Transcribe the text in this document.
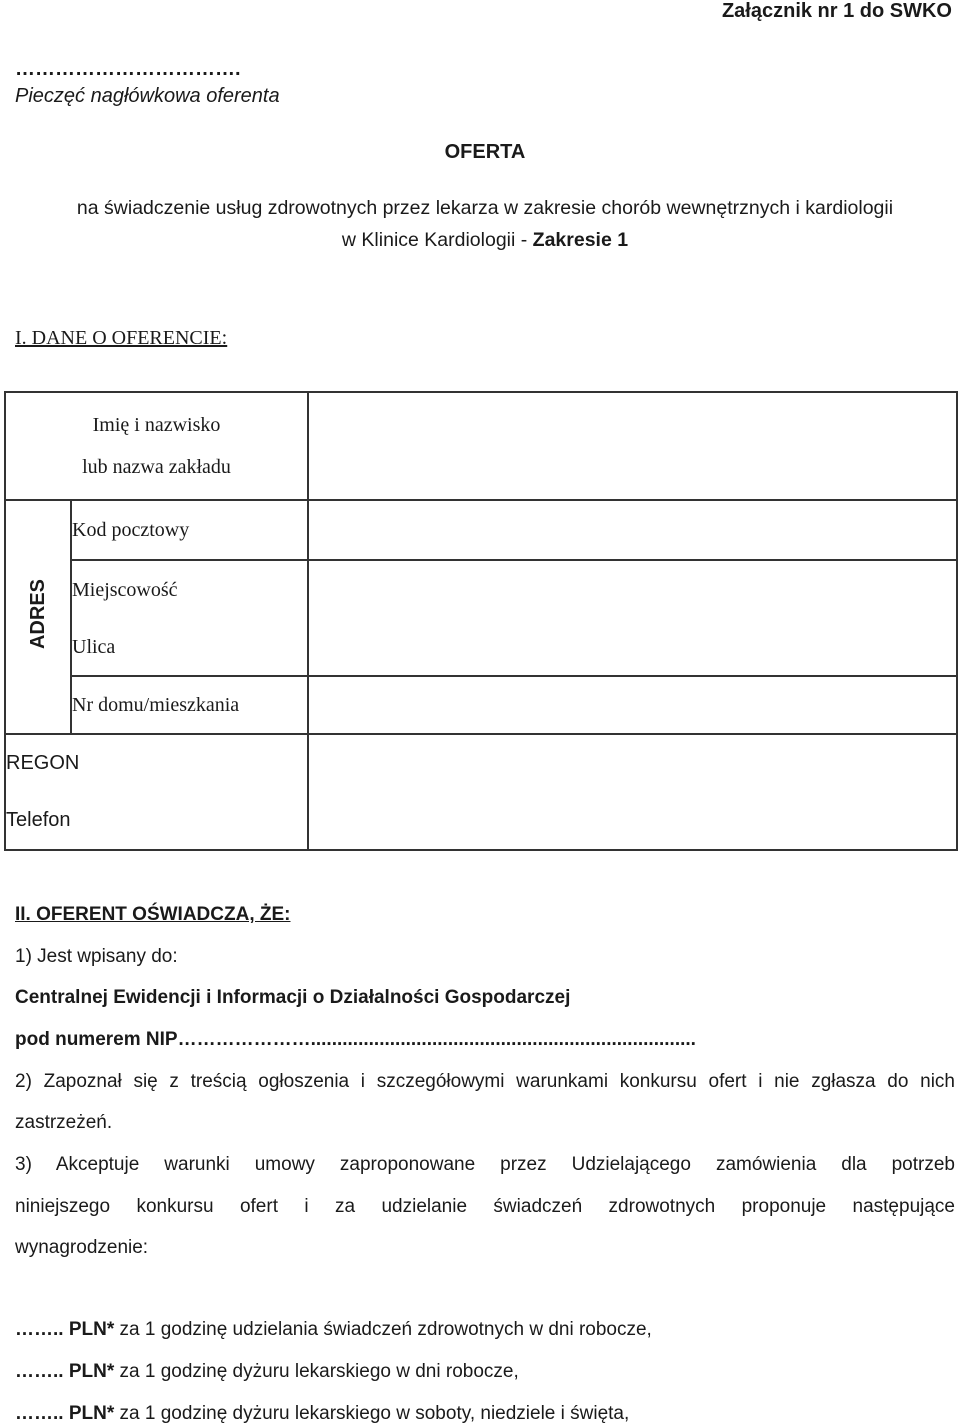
Załącznik nr 1 do SWKO
…………………………….
Pieczęć nagłówkowa oferenta
OFERTA
na świadczenie usług zdrowotnych przez lekarza w zakresie chorób wewnętrznych i kardiologii
w Klinice Kardiologii - Zakresie 1
I. DANE O OFERENCIE:
Imię i nazwisko
lub nazwa zakładu		

ADRES	Kod pocztowy	
	Miejscowość	
	Ulica	
	Nr domu/mieszkania	
REGON		
Telefon		
II. OFERENT OŚWIADCZA, ŻE:
1) Jest wpisany do:
Centralnej Ewidencji i Informacji o Działalności Gospodarczej
pod numerem NIP………………….........................................................................
2) Zapoznał się z treścią ogłoszenia i szczegółowymi warunkami konkursu ofert i nie zgłasza do nich
zastrzeżeń.
3) Akceptuje warunki umowy zaproponowane przez Udzielającego zamówienia dla potrzeb
niniejszego konkursu ofert i za udzielanie świadczeń zdrowotnych proponuje następujące
wynagrodzenie:
…….. PLN* za 1 godzinę udzielania świadczeń zdrowotnych w dni robocze,
…….. PLN* za 1 godzinę dyżuru lekarskiego w dni robocze,
…….. PLN* za 1 godzinę dyżuru lekarskiego w soboty, niedziele i święta,
